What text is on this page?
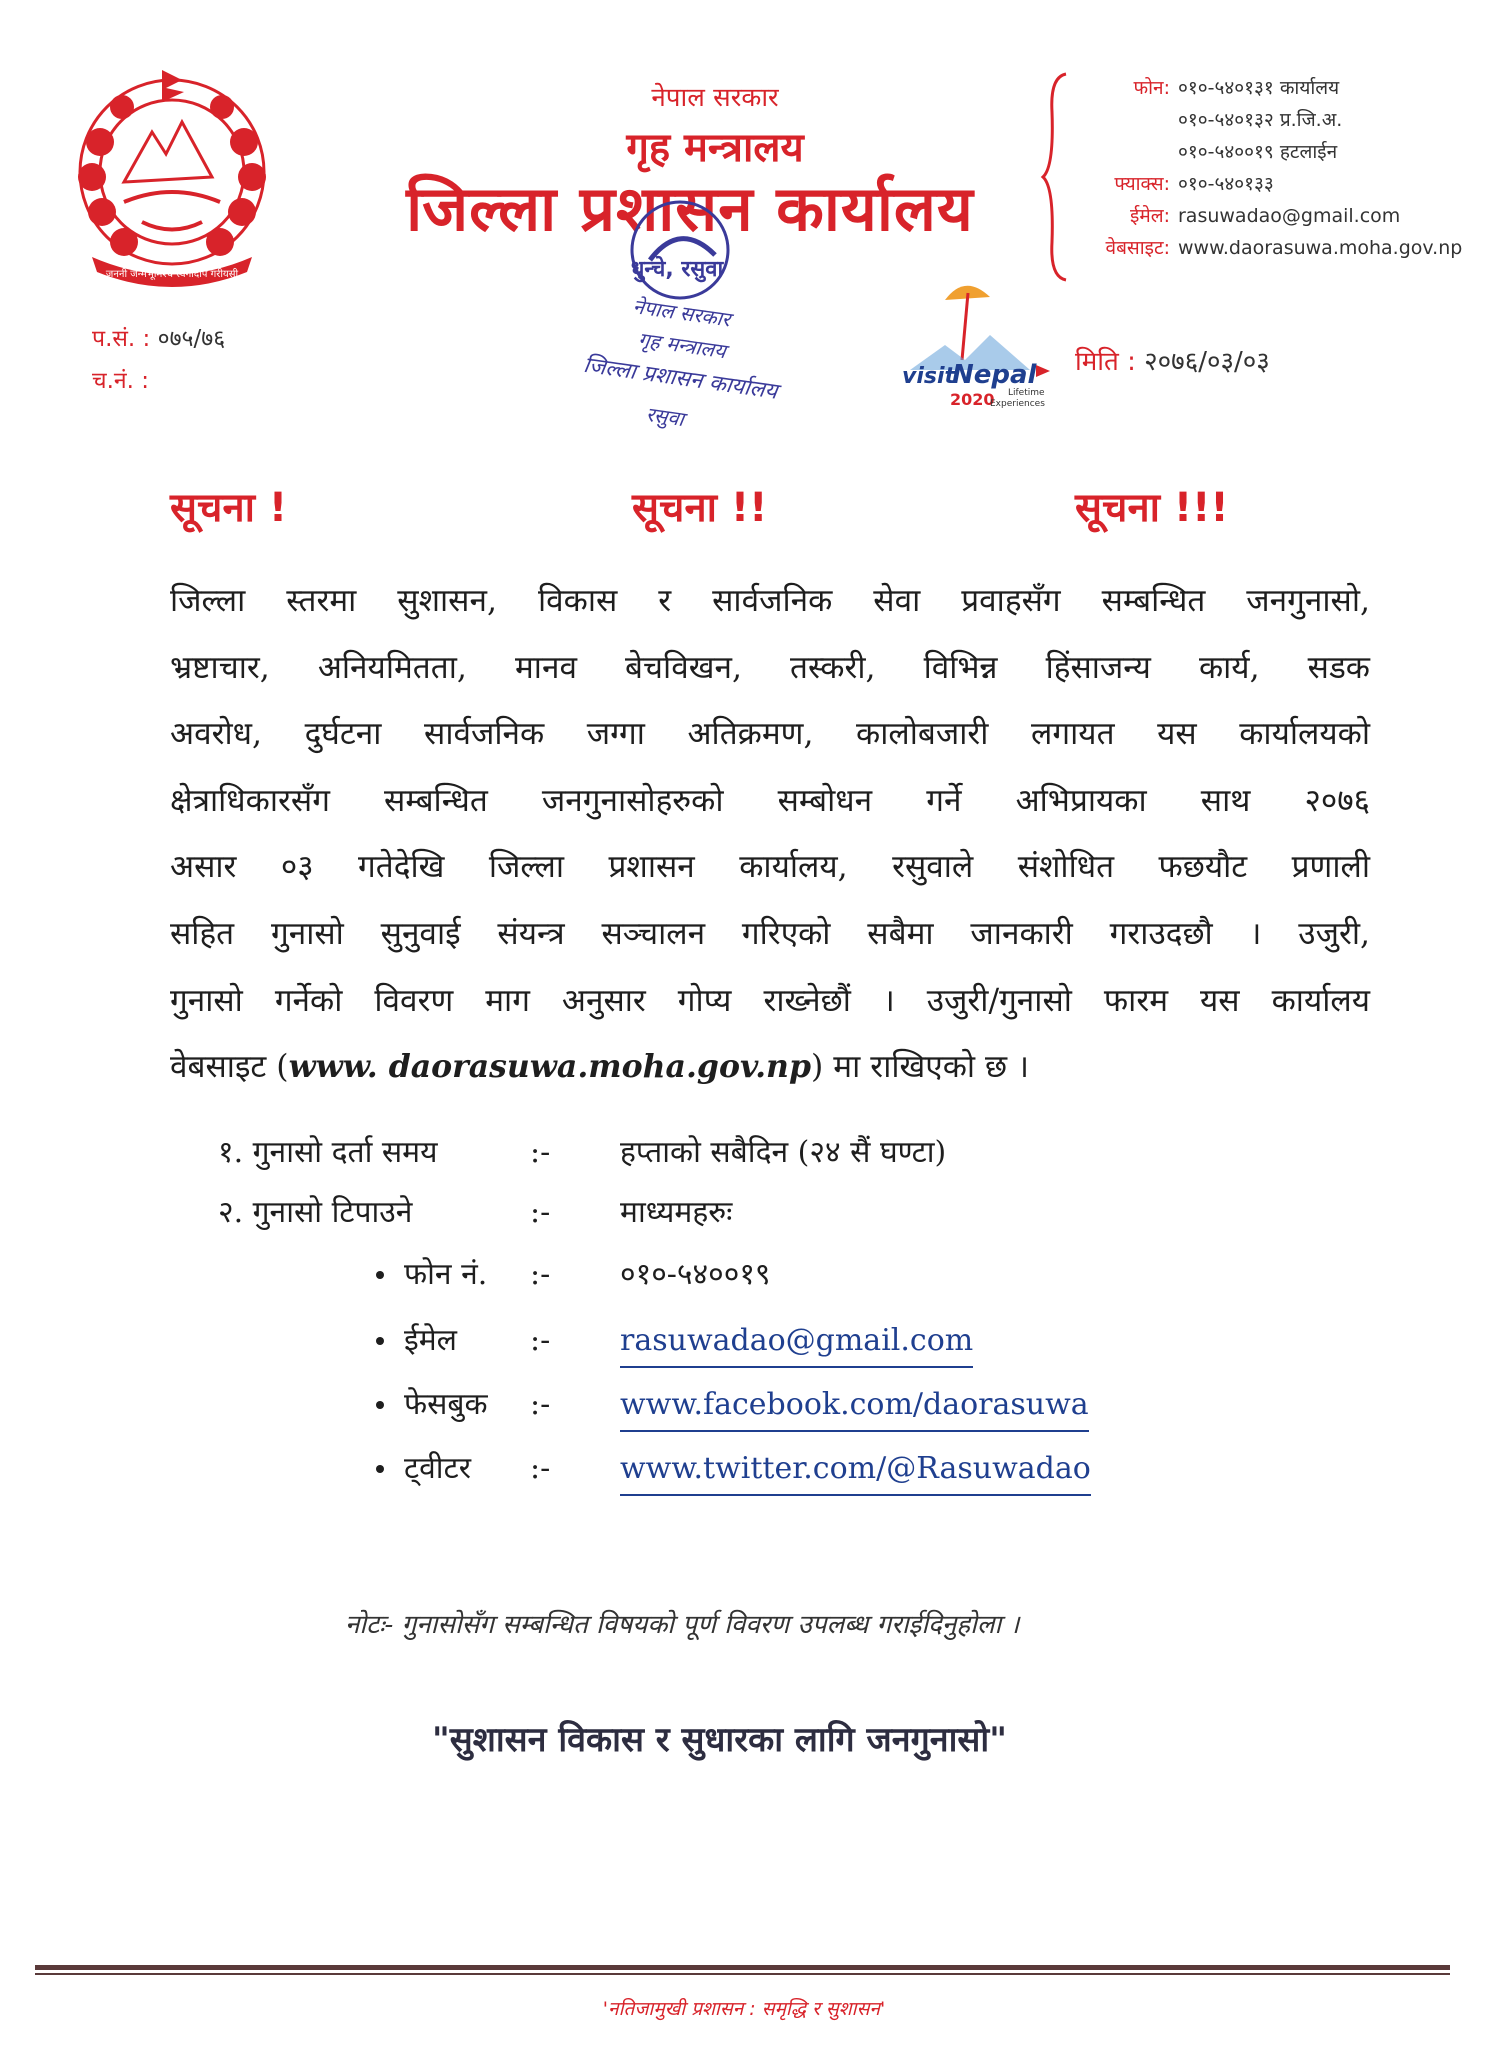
जननी जन्मभूमिश्च स्वर्गादपि गरीयसी
नेपाल सरकार
गृह मन्त्रालय
जिल्ला प्रशासन कार्यालय
धुन्चे, रसुवा
नेपाल सरकार
गृह मन्त्रालय
जिल्ला प्रशासन कार्यालय
रसुवा
फोन: ०१०-५४०१३१ कार्यालय
०१०-५४०१३२ प्र.जि.अ.
०१०-५४००१९ हटलाईन
फ्याक्स: ०१०-५४०१३३
ईमेल: rasuwadao@gmail.com
वेबसाइट: www.daorasuwa.moha.gov.np
प.सं. : ०७५/७६
च.नं. :	visit
Nepal
2020 Lifetime
Experiences
मिति : २०७६/०३/०३
सूचना !	सूचना !!	सूचना !!!
जिल्ला स्तरमा सुशासन, विकास र सार्वजनिक सेवा प्रवाहसँग सम्बन्धित जनगुनासो,
भ्रष्टाचार, अनियमितता, मानव बेचविखन, तस्करी, विभिन्न हिंसाजन्य कार्य, सडक
अवरोध, दुर्घटना सार्वजनिक जग्गा अतिक्रमण, कालोबजारी लगायत यस कार्यालयको
क्षेत्राधिकारसँग सम्बन्धित जनगुनासोहरुको सम्बोधन गर्ने अभिप्रायका साथ २०७६
असार ०३ गतेदेखि जिल्ला प्रशासन कार्यालय, रसुवाले संशोधित फछयौट प्रणाली
सहित गुनासो सुनुवाई संयन्त्र सञ्चालन गरिएको सबैमा जानकारी गराउदछौ । उजुरी,
गुनासो गर्नेको विवरण माग अनुसार गोप्य राख्नेछौं । उजुरी/गुनासो फारम यस कार्यालय
वेबसाइट (www. daorasuwa.moha.gov.np) मा राखिएको छ ।
१. गुनासो दर्ता समय	:- हप्ताको सबैदिन (२४ सैं घण्टा)
२. गुनासो टिपाउने	:- माध्यमहरुः
फोन नं. :- ०१०-५४००१९
ईमेल :- rasuwadao@gmail.com
फेसबुक :- www.facebook.com/daorasuwa
ट्वीटर :- www.twitter.com/@Rasuwadao
नोटः- गुनासोसँग सम्बन्धित विषयको पूर्ण विवरण उपलब्ध गराईदिनुहोला ।
"सुशासन विकास र सुधारका लागि जनगुनासो"
'नतिजामुखी प्रशासन : समृद्धि र सुशासन'
